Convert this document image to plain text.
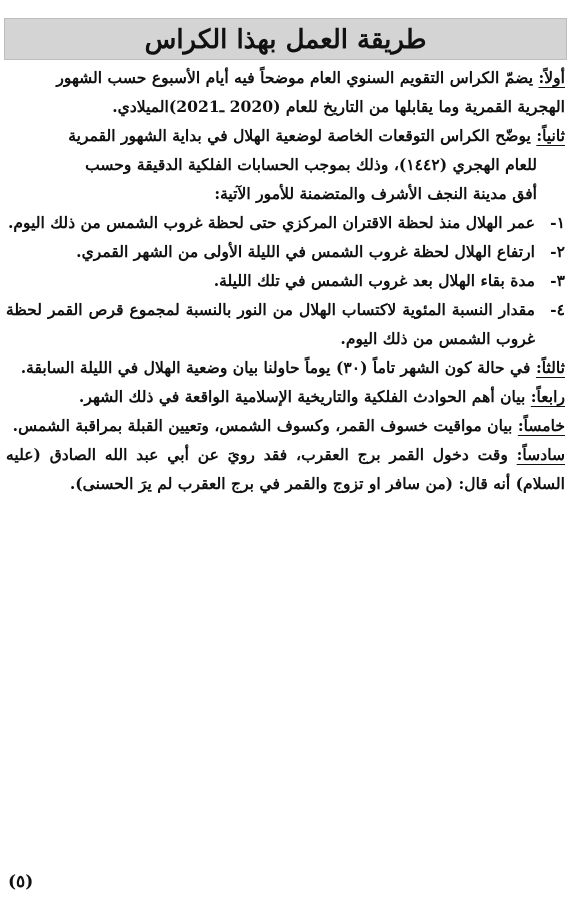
طريقة العمل بهذا الكراس

أولاً: يضمّ الكراس التقويم السنوي العام موضحاً فيه أيام الأسبوع حسب الشهور

الهجرية القمرية وما يقابلها من التاريخ للعام (2020 ـ2021)الميلادي.

ثانياً: يوضّح الكراس التوقعات الخاصة لوضعية الهلال في بداية الشهور القمرية

للعام الهجري (١٤٤٢)، وذلك بموجب الحسابات الفلكية الدقيقة وحسب

أفق مدينة النجف الأشرف والمتضمنة للأمور الآتية:

١-
عمر الهلال منذ لحظة الاقتران المركزي حتى لحظة غروب الشمس من ذلك اليوم.
٢-
ارتفاع الهلال لحظة غروب الشمس في الليلة الأولى من الشهر القمري.
٣-
مدة بقاء الهلال بعد غروب الشمس في تلك الليلة.
٤-
مقدار النسبة المئوية لاكتساب الهلال من النور بالنسبة لمجموع قرص القمر لحظة غروب الشمس من ذلك اليوم.

ثالثاً: في حالة كون الشهر تاماً (٣٠) يوماً حاولنا بيان وضعية الهلال في الليلة السابقة.

رابعاً: بيان أهم الحوادث الفلكية والتاريخية الإسلامية الواقعة في ذلك الشهر.

خامساً: بيان مواقيت خسوف القمر، وكسوف الشمس، وتعيين القبلة بمراقبة الشمس.

سادساً: وقت دخول القمر برج العقرب، فقد رويَ عن أبي عبد الله الصادق (عليه السلام) أنه قال: (من سافر او تزوج والقمر في برج العقرب لم يرَ الحسنى).

(٥)
